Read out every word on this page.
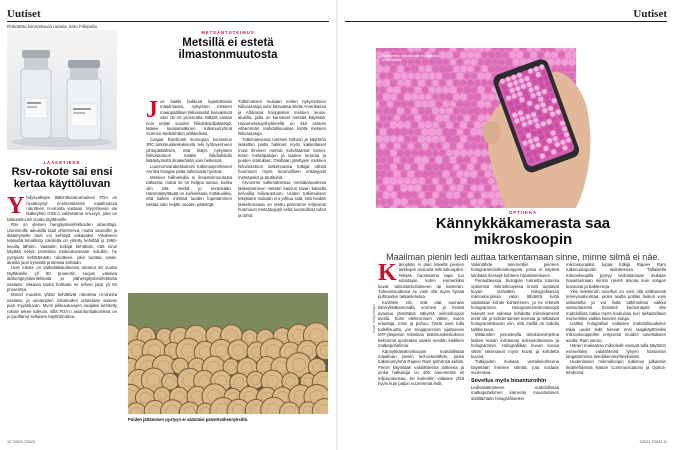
Uutiset
Rokotetta kiinnostavia uutisia: tieto Fi/kipailu
LÄÄKETIEDE
Rsv-rokote sai ensi kertaa käyttöluvan
Y hdysvaltojen lääkintäviranomainen FDA on hyväksynyt ensimmäisenä maailmassa rokotteen rs-virusta vastaan. Myyntiluvan sai lääkeyhtiö GSK:n valmistama Arexvyn, joka on tarkoitettu 60 vuotta täyttäneille.

Rsv on yleinen hengitystieinfektioiden aiheuttaja. Useimmille aikuisilla tauti ohimeneva, mutta vauvoille ja ikääntyneille tauti voi kehittyä vakavaksi. Virukseen tepsivää turvallista rokotetta on yritetty kehittää jo 1960-luvulta lähtien. Vaatukin tutkijat kehittivät, että virus käyttää tietyä proteiinia tunkeutuessaan soluihin, he pystyivät kehittämään rokotteen, joka tuottaa vasta-aineita juuri kyseistä proteiinia kohtaan.

Uusi rokote on vaiheittaiskokeissa antanut 60 vuotta täyttäneille yli 80 prosentin suojan vakavia alahengitystieinfektioita ja ylähengitystieinfektioita vastaan. Vakavia tautia kohtaan se tehosi jopa yli 94 prosenttia.

Monet muutkin yhtiöt kehittävät rokotetta rs-virusta vastaan, ja useampien rokotteiden odotetaan saavan pian myyntiluvan. Myös pikkuvauvojen suojaksi kehitetty rokote tekee tulevan, sillä FDA:n asiantuntijakomitea on jo puoltanut sellaisen käyttöönottoa.

METSÄNTUTKIMUS
Metsillä ei estetä ilmastonmuutosta
J os kaikki hakkuut lopetettaisiin maailmassa, nykyisten metsien maanpäälliset hiilivarastot kasvaisivat vain 15–16 prosenttia. Määrä vastaa noin neljän vuoden hiilidioksidipäästöjä, laskee kansainvälinen tutkimusryhmä Science-tiedelehden artikkelissa.

Caspar Roebroek Euroopan komission JRC-tutkimuskeskuksesta teki työtoverineen johtopäätöksen, että lisäys nykyisten hiilivarastoon estäisi hiilidioksidin lisääntymistä ilmakehään vain hetkessä.

Luonnonvarakeskuksen tutkimusprofessori Annika Kangas pitää tutkimusta hyvänä.

Metsien hiilinieluilla ei ilmastonmuutosta ratkaista, mutta se on helppo sanoa, koska olin sitä mieltä jo ennestään. Hämmästyttävää on korkeintaan mittaluokka, että kaiken metsää luoden lopettaminen vastaa vain neljän vuoden päästöjä.

Tutkimuksen mukaan eniten nykymetsien hiilivarastoja voisi kasvattaa Etelä-Amerikassa ja Afrikassa trooppisten metsien reuna-alueilla, joilla on karsineet metsää käytöstä. Havumetsävyöhykkeellä on sitä vastoin vähemmän mahdollisuuksia lisätä metsien hiilivarastoja.

Tutkimuksessa metsien hiiltoon ja käyttöön laskettiin paitsi hakkuut myös kaikenlaiset muut ihmisen metsiin kohdistamat toimet, kuten metsäpalojen ja tautien torjunta ja puiden istutukset. Omiltaan jätettyjen metsien hiilivarastoon laskennassa tutkijat ottivat huomioon myös luonnollisen eräänjyvät metsäpalot ja tautituhot.

Arvomme tutkimuksessa metsätaloudessa laskeutumisen metsän kasvun tavan kaivalla kelvoillia hiilivarastoon. Uuden tutkimuksen tekijöiden mukaan ero johtuu siitä, että heidän laskelmissaan on otettu paremmin erityisesti huomioon metsätyyppit sekä luonnolliset tuhot ja tuhot.

Puiden jättäminen pystyyn ei säästäisi päästövähennyksiltä.
10 7/2023 7/2023
Uutiset
Puhelimeen ledissä lisää led-valaistus puhelimessa.
Kuvat: Getty Images
OPTIIKKA
Kännykkäkamerasta saa mikroskoopin
Maailman pienin ledi auttaa tarkentamaan sinne, minne silmä ei näe.
K ännykän ei pian kävellä pienien tarkkojen ansiosta mikroskoopiksi. Tekijän huomaama tapa tuo edustajan, kuten esimerkiksi kuvat, taloustarkoitukseen tai kameran. Tulevaisuudessa se voisi olla myös hyvää puhtauden tarkastelussa.

Kuvittele siis, että otat suoraan kännykkäkameralla sormesi ja lisäisit avautuu jännittävä näkymä mikroskoopin avulla. Eräs elektroninen väline, kuten edustaja, toimi ja puhuu. Tästä voisi tulla todellisuutta, jos Singaporessa sijaitsevan MIT-yliopiston tekniikan tutkimusikeskuksen keksinnöt upotetaan osaksi meidän kaikkien matkapuhelimia.

Kännykkämikroskoopin mahdollistaa maailman pienin led-valonlähde, jonka tutkimusryhmä Rajeev Ram työhönsä kehitti. Pienin käytetään valolähteenä laitteena ja jonka halkaisija on 400 nanometriä eli miljoonasosaa. Se kuitenkin valaisee yhtä hyvin kuin paljon suuremmat ledit.

Valonlähde asennettiin pieneen hologrammimikroskooppiin, jossa ei käytetä lainkaan linssejä kohteen havaitsemiseen.

Periaatteessa, biologian tunnetta tutussa optisessa mikroskoopissa linssit tuottavat kuvan teräväksi. Holografisessa mikroskoopissa valon lähdettä kohti valaistaan kohde kohteeseen, ja ne tekevät hologrammin. Hologrammimikroskoopit tekevät sen valossa kohdetta mikrokamerat eivät ole jo kohdentaneet teemaa ja mittaavat hologrammikuvan niin, että meillä on todella tarkka kuva.

Mittausten perusteella tietokoneohjelma laskee kuvan kohteesta kolmiulotteisena ja hologrammin. Holografiikan kuvan kuvaa sitten rakentavat myös kuvat ja kohdetta kuvina.

Tutkijoiden mukaan vertailukohteena käytetään ihmisen silmää, jota voidaan suurentaa.

Sovellus myös bioanturoihin

Ledivalottimineen mahdollistaa matkapuhelimen kameran muuntamisen sisältämään holografisenksi

mikroskoopiksi, lupaa tutkija Rajeev Ram tutkimusraportin tiedotteessa. Tällaisella mikroskoopilla pystyy tiedostamaan mukaan havaitsemaan niinkin pieniä asioita kuin solujen kuvausta ja bakteereja.

Yksi keksinnön sovellus on voisi olla valikoivasti terveysvalvontaa, jonka avulla potilas laskuri voisi tarkastella ja voi lisää tutkimuksia vaikka samanlaisesti. Ihmisten kudosnäyttö olisi mahdollista tutkia myös kouluissa kun tarkastellaan esimerkiksi vaikka kasvien soluja.

Lisäksi holografian valtaisen mahdollisuuksien takia uudet ledit tulevat ensi laajakäyttöisiksi mikroskooppeihin erityisesti muiden sovelluksien avulla, Ram sanoo.

Hänen mukaansa mikroledit voisivat tulla käyttöön esimerkiksi valolähteinä lyhyen kantaman langattomissa tietoliikenneyhteyksissä.

Uudenlaisen mikroskoopin tutkimus julkaistiin tiedelehdessä Nature Communications ja Optica-lehdessä.

7/2023 7/2023 11
